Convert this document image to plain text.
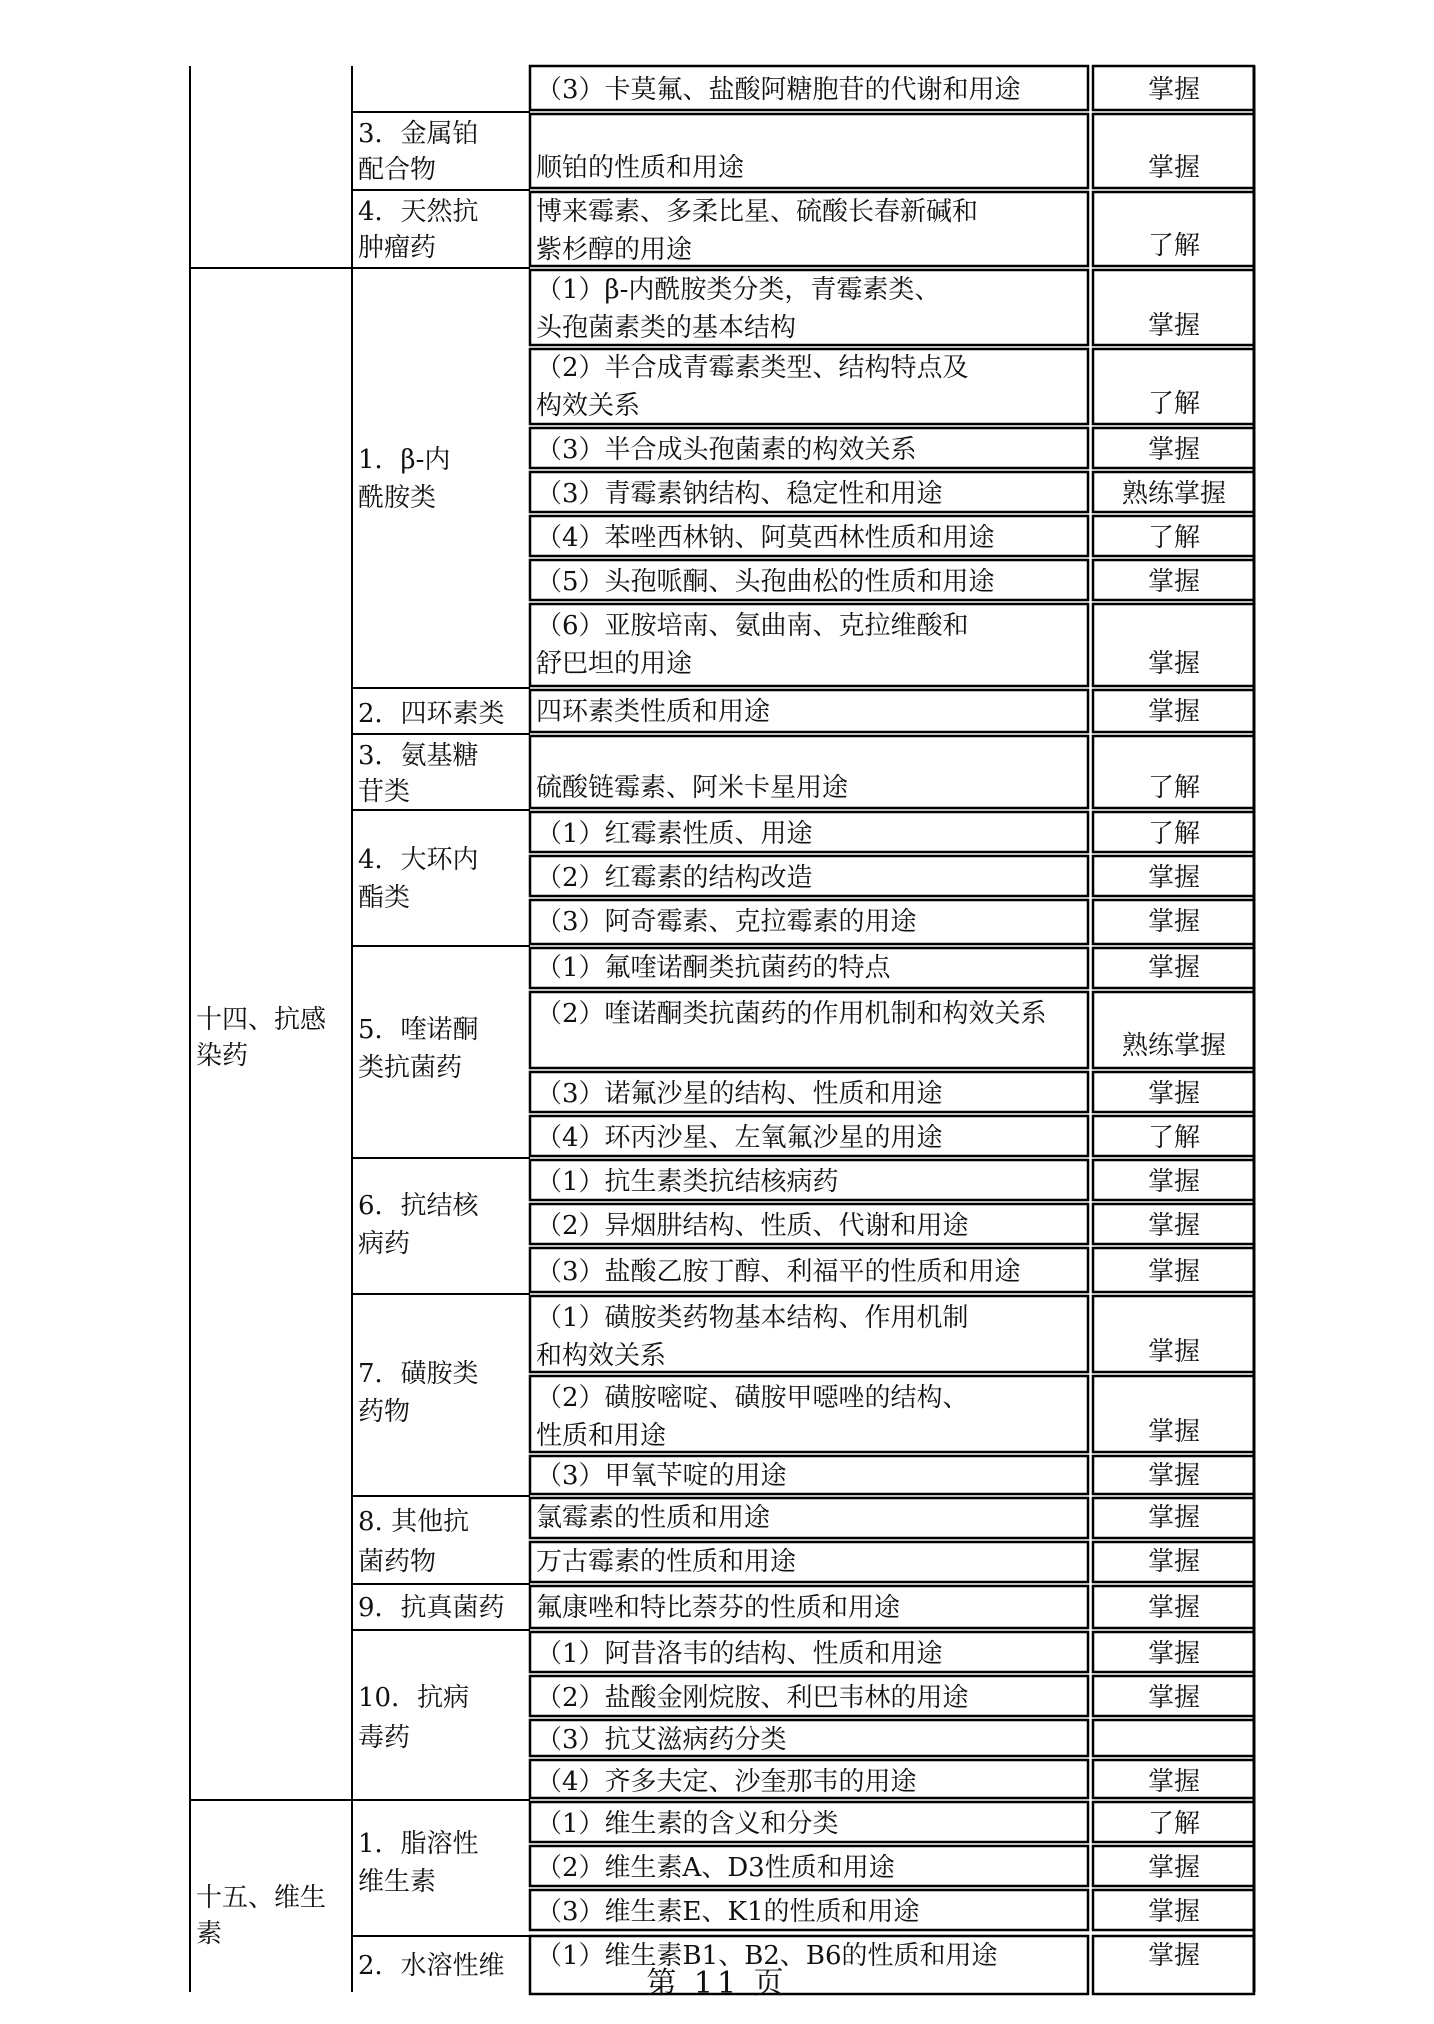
十四、抗感染药
十五、维生素
3．金属铂配合物
4．天然抗肿瘤药
1．β-内酰胺类
2．四环素类
3．氨基糖苷类
4．大环内酯类
5．喹诺酮类抗菌药
6．抗结核病药
7．磺胺类药物
8. 其他抗菌药物
9．抗真菌药
10．抗病毒药
1．脂溶性维生素
2．水溶性维
（3）卡莫氟、盐酸阿糖胞苷的代谢和用途
顺铂的性质和用途
博来霉素、多柔比星、硫酸长春新碱和紫杉醇的用途
（1）β-内酰胺类分类，青霉素类、头孢菌素类的基本结构
（2）半合成青霉素类型、结构特点及构效关系
（3）半合成头孢菌素的构效关系
（3）青霉素钠结构、稳定性和用途
（4）苯唑西林钠、阿莫西林性质和用途
（5）头孢哌酮、头孢曲松的性质和用途
（6）亚胺培南、氨曲南、克拉维酸和舒巴坦的用途
四环素类性质和用途
硫酸链霉素、阿米卡星用途
（1）红霉素性质、用途
（2）红霉素的结构改造
（3）阿奇霉素、克拉霉素的用途
（1）氟喹诺酮类抗菌药的特点
（2）喹诺酮类抗菌药的作用机制和构效关系
（3）诺氟沙星的结构、性质和用途
（4）环丙沙星、左氧氟沙星的用途
（1）抗生素类抗结核病药
（2）异烟肼结构、性质、代谢和用途
（3）盐酸乙胺丁醇、利福平的性质和用途
（1）磺胺类药物基本结构、作用机制和构效关系
（2）磺胺嘧啶、磺胺甲噁唑的结构、性质和用途
（3）甲氧苄啶的用途
氯霉素的性质和用途
万古霉素的性质和用途
氟康唑和特比萘芬的性质和用途
（1）阿昔洛韦的结构、性质和用途
（2）盐酸金刚烷胺、利巴韦林的用途
（3）抗艾滋病药分类
（4）齐多夫定、沙奎那韦的用途
（1）维生素的含义和分类
（2）维生素A、D3性质和用途
（3）维生素E、K1的性质和用途
（1）维生素B1、B2、B6的性质和用途
掌握
掌握
了解
掌握
了解
掌握
熟练掌握
了解
掌握
掌握
掌握
了解
了解
掌握
掌握
掌握
熟练掌握
掌握
了解
掌握
掌握
掌握
掌握
掌握
掌握
掌握
掌握
掌握
掌握
掌握
掌握
了解
掌握
掌握
掌握
第 11 页
